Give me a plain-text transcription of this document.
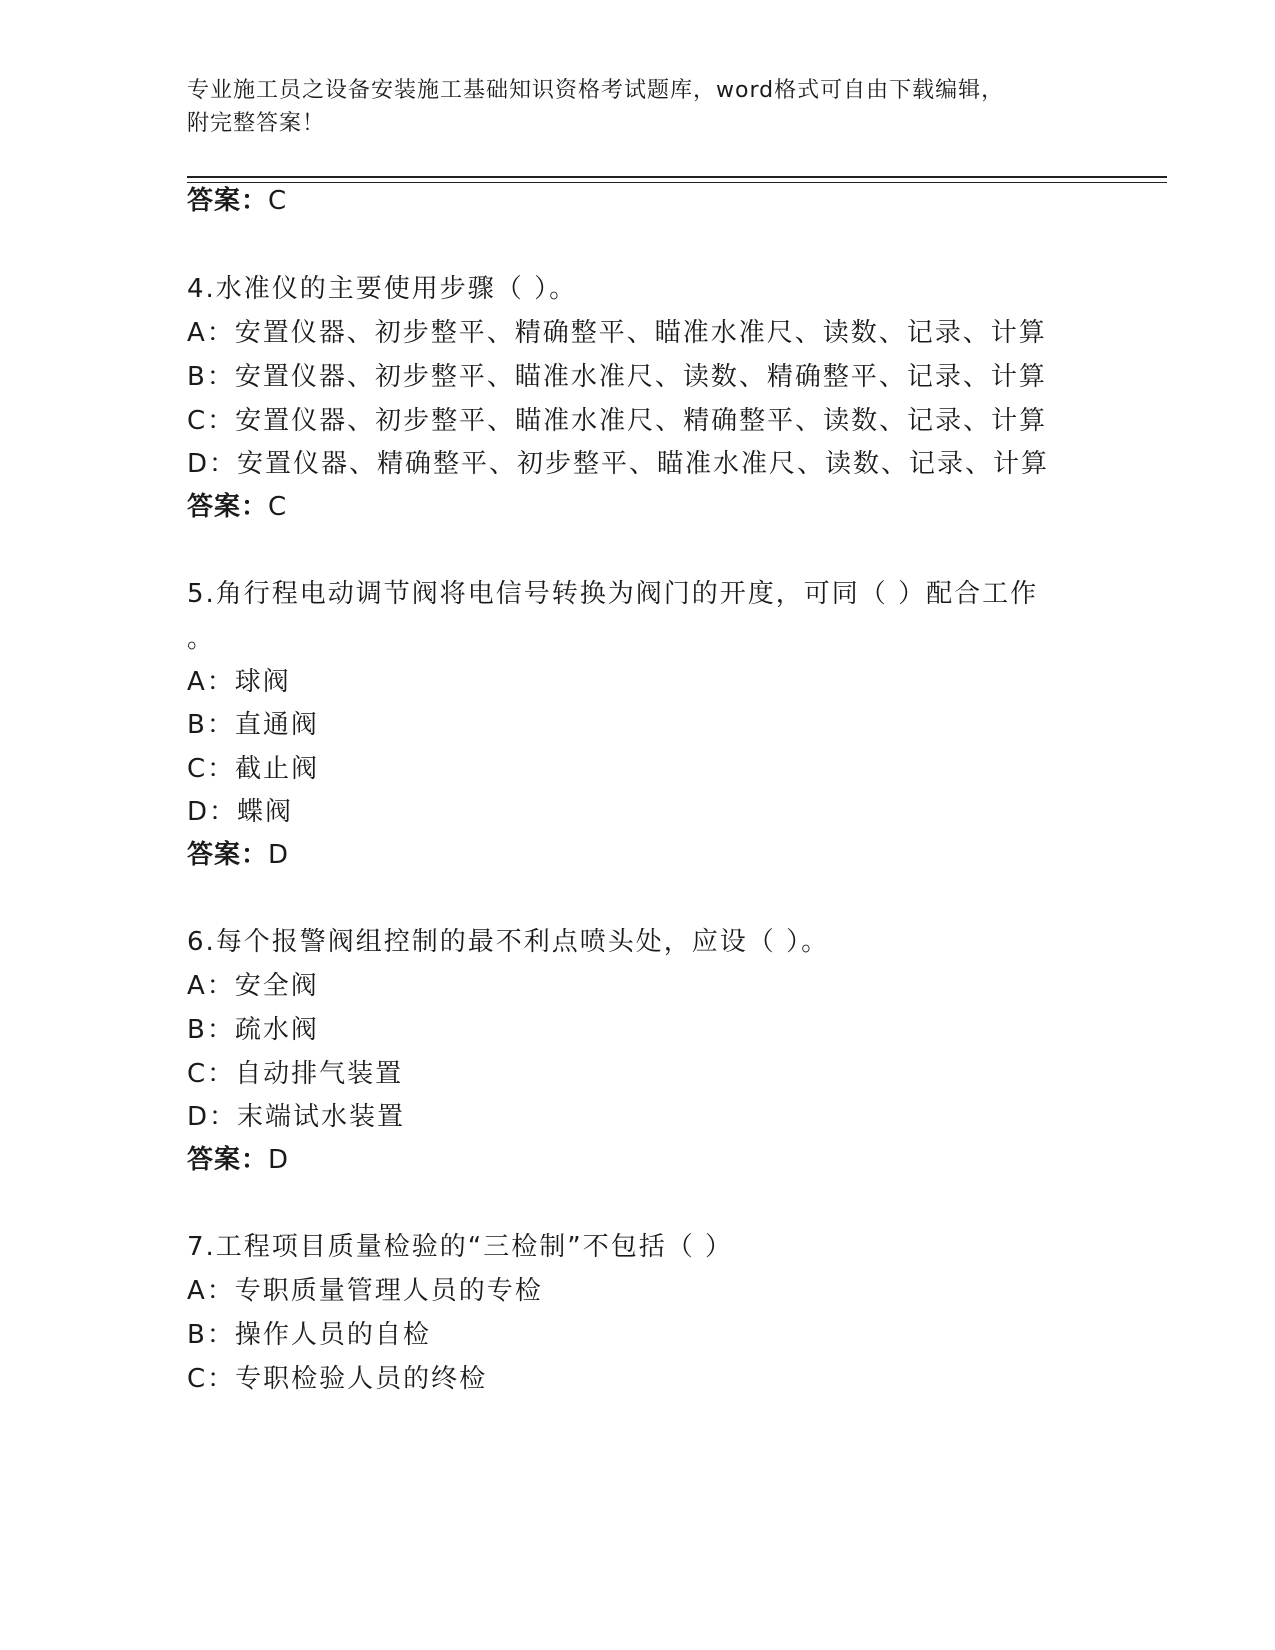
专业施工员之设备安装施工基础知识资格考试题库，word格式可自由下载编辑，
附完整答案！
答案：C
4.水准仪的主要使用步骤（ ）。
A：安置仪器、初步整平、精确整平、瞄准水准尺、读数、记录、计算
B：安置仪器、初步整平、瞄准水准尺、读数、精确整平、记录、计算
C：安置仪器、初步整平、瞄准水准尺、精确整平、读数、记录、计算
D：安置仪器、精确整平、初步整平、瞄准水准尺、读数、记录、计算
答案：C
5.角行程电动调节阀将电信号转换为阀门的开度，可同（ ）配合工作
。
A：球阀
B：直通阀
C：截止阀
D：蝶阀
答案：D
6.每个报警阀组控制的最不利点喷头处，应设（ ）。
A：安全阀
B：疏水阀
C：自动排气装置
D：末端试水装置
答案：D
7.工程项目质量检验的“三检制”不包括（ ）
A：专职质量管理人员的专检
B：操作人员的自检
C：专职检验人员的终检
